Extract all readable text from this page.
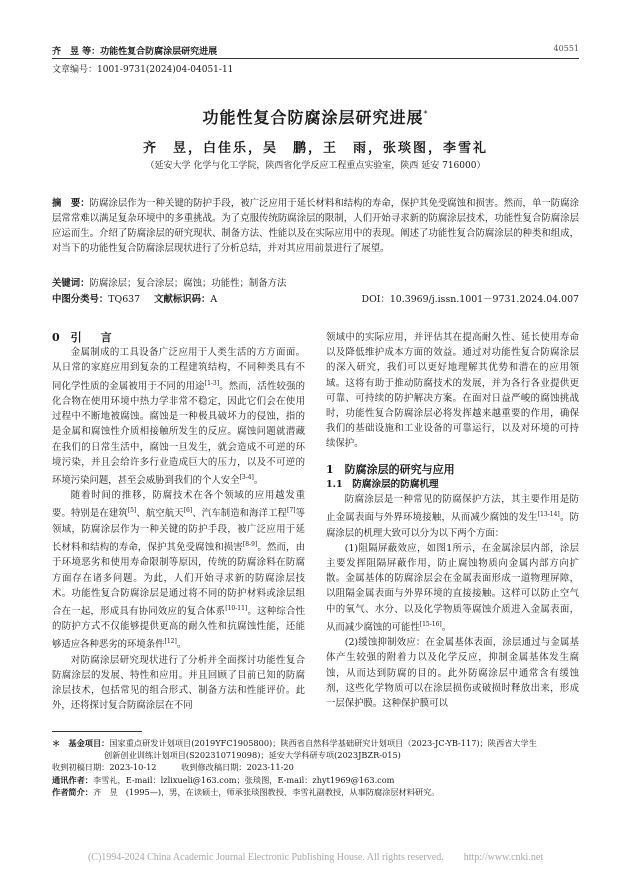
齐　昱 等：功能性复合防腐涂层研究进展	40551
文章编号：1001-9731(2024)04-04051-11
功能性复合防腐涂层研究进展*
齐　昱，白佳乐，吴　鹏，王　雨，张琰图，李雪礼
（延安大学 化学与化工学院，陕西省化学反应工程重点实验室，陕西 延安 716000）
摘　要：防腐涂层作为一种关键的防护手段，被广泛应用于延长材料和结构的寿命，保护其免受腐蚀和损害。然而，单一防腐涂层常常难以满足复杂环境中的多重挑战。为了克服传统防腐涂层的限制，人们开始寻求新的防腐涂层技术，功能性复合防腐涂层应运而生。介绍了防腐涂层的研究现状、制备方法、性能以及在实际应用中的表现。阐述了功能性复合防腐涂层的种类和组成，对当下的功能性复合防腐涂层现状进行了分析总结，并对其应用前景进行了展望。
关键词：防腐涂层；复合涂层；腐蚀；功能性；制备方法
中图分类号：TQ637 文献标识码：A	DOI：10.3969/j.issn.1001－9731.2024.04.007

0　 引　言

金属制成的工具设备广泛应用于人类生活的方方面面。从日常的家庭应用到复杂的工程建筑结构，不同种类具有不同化学性质的金属被用于不同的用途[1-3]。然而，活性较强的化合物在使用环境中热力学非常不稳定，因此它们会在使用过程中不断地被腐蚀。腐蚀是一种极具破坏力的侵蚀，指的是金属和腐蚀性介质相接触所发生的反应。腐蚀问题就潜藏在我们的日常生活中，腐蚀一旦发生，就会造成不可逆的环境污染，并且会给许多行业造成巨大的压力，以及不可逆的环境污染问题，甚至会威胁到我们的个人安全[3-4]。

随着时间的推移，防腐技术在各个领域的应用越发重要。特别是在建筑[5]、航空航天[6]、汽车制造和海洋工程[7]等领域，防腐涂层作为一种关键的防护手段，被广泛应用于延长材料和结构的寿命，保护其免受腐蚀和损害[8-9]。然而，由于环境恶劣和使用寿命限制等原因，传统的防腐涂料在防腐方面存在诸多问题。为此，人们开始寻求新的防腐涂层技术。功能性复合防腐涂层是通过将不同的防护材料或涂层组合在一起，形成具有协同效应的复合体系[10-11]。这种综合性的防护方式不仅能够提供更高的耐久性和抗腐蚀性能，还能够适应各种恶劣的环境条件[12]。

对防腐涂层研究现状进行了分析并全面探讨功能性复合防腐涂层的发展、特性和应用。并且回顾了目前已知的防腐涂层技术，包括常见的组合形式、制备方法和性能评价。此外，还将探讨复合防腐涂层在不同

领域中的实际应用，并评估其在提高耐久性、延长使用寿命以及降低维护成本方面的效益。通过对功能性复合防腐涂层的深入研究，我们可以更好地理解其优势和潜在的应用领域。这将有助于推动防腐技术的发展，并为各行各业提供更可靠、可持续的防护解决方案。在面对日益严峻的腐蚀挑战时，功能性复合防腐涂层必将发挥越来越重要的作用，确保我们的基础设施和工业设备的可靠运行，以及对环境的可持续保护。

1　 防腐涂层的研究与应用

1.1　 防腐涂层的防腐机理

防腐涂层是一种常见的防腐保护方法，其主要作用是防止金属表面与外界环境接触，从而减少腐蚀的发生[13-14]。防腐涂层的机理大致可以分为以下两个方面：

(1)阻隔屏蔽效应，如图1所示，在金属涂层内部，涂层主要发挥阻隔屏蔽作用，防止腐蚀物质向金属内部方向扩散。金属基体的防腐涂层会在金属表面形成一道物理屏障，以阻隔金属表面与外界环境的直接接触。这样可以防止空气中的氧气、水分、以及化学物质等腐蚀介质进入金属表面，从而减少腐蚀的可能性[15-16]。

(2)缓蚀抑制效应：在金属基体表面，涂层通过与金属基体产生较强的附着力以及化学反应，抑制金属基体发生腐蚀，从而达到防腐的目的。此外防腐涂层中通常含有缓蚀剂，这些化学物质可以在涂层损伤或破损时释放出来，形成一层保护膜。这种保护膜可以

＊　基金项目：国家重点研发计划项目(2019YFC1905800)；陕西省自然科学基础研究计划项目（2023-JC-YB-117)；陕西省大学生
创新创业训练计划项目(S202310719098)；延安大学科研专项(2023JBZR-015)
收到初稿日期：2023-10-12　　　收到修改稿日期：2023-11-20
通讯作者：李雪礼，E-mail：lzlixueli@163.com；张琰图，E-mail：zhyt1969@163.com
作者简介：齐　昱　(1995—)，男，在读硕士，师承张琰图教授、李雪礼副教授，从事防腐涂层材料研究。
(C)1994-2024 China Academic Journal Electronic Publishing House. All rights reserved.　　http://www.cnki.net
